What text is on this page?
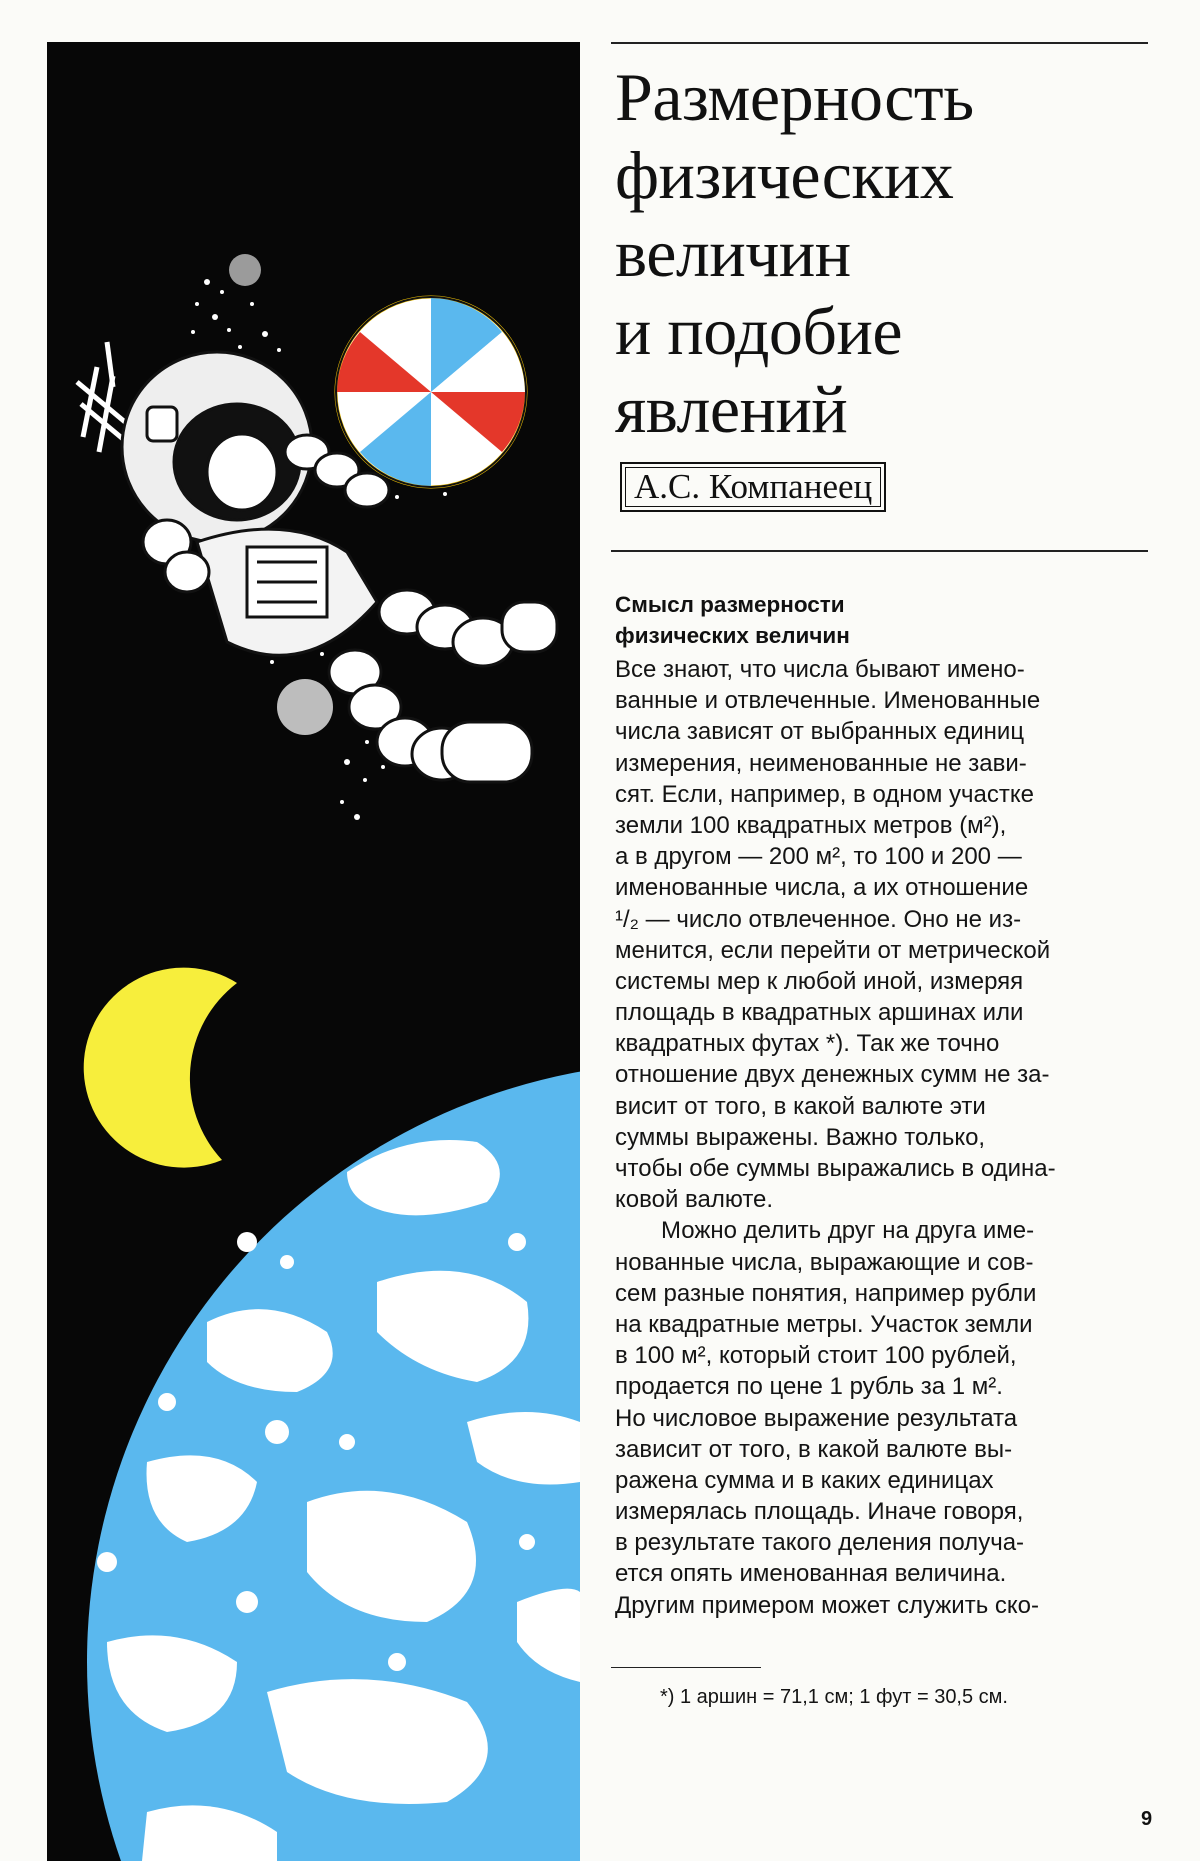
Размерность
физических
величин
и подобие
явлений
А.С. Компанеец
Смысл размерности
физических величин
Все знают, что числа бывают имено-
ванные и отвлеченные. Именованные
числа зависят от выбранных единиц
измерения, неименованные не зави-
сят. Если, например, в одном участке
земли 100 квадратных метров (м²),
а в другом — 200 м², то 100 и 200 —
именованные числа, а их отношение
¹/₂ — число отвлеченное. Оно не из-
менится, если перейти от метрической
системы мер к любой иной, измеряя
площадь в квадратных аршинах или
квадратных футах *). Так же точно
отношение двух денежных сумм не за-
висит от того, в какой валюте эти
суммы выражены. Важно только,
чтобы обе суммы выражались в одина-
ковой валюте.
Можно делить друг на друга име-
нованные числа, выражающие и сов-
сем разные понятия, например рубли
на квадратные метры. Участок земли
в 100 м², который стоит 100 рублей,
продается по цене 1 рубль за 1 м².
Но числовое выражение результата
зависит от того, в какой валюте вы-
ражена сумма и в каких единицах
измерялась площадь. Иначе говоря,
в результате такого деления получа-
ется опять именованная величина.
Другим примером может служить ско-
*) 1 аршин = 71,1 см; 1 фут = 30,5 см.
9
